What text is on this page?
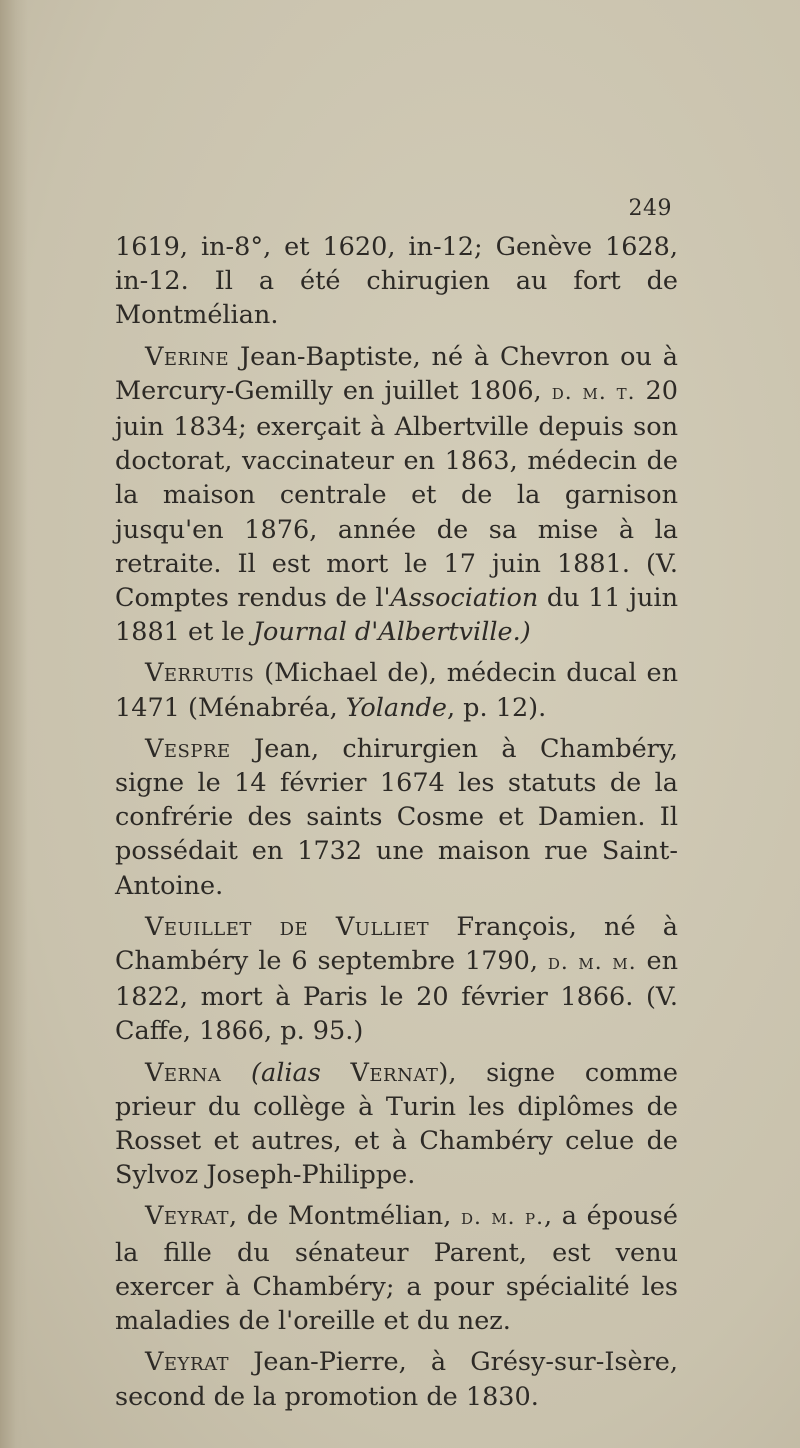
249

1619, in-8°, et 1620, in-12; Genève 1628, in-12. Il a été chirugien au fort de Montmélian.

Verine Jean-Baptiste, né à Chevron ou à Mercury-Gemilly en juillet 1806, d. m. t. 20 juin 1834; exerçait à Albertville depuis son doctorat, vaccinateur en 1863, médecin de la maison centrale et de la garnison jusqu'en 1876, année de sa mise à la retraite. Il est mort le 17 juin 1881. (V. Comptes rendus de l'Association du 11 juin 1881 et le Journal d'Albertville.)

Verrutis (Michael de), médecin ducal en 1471 (Ménabréa, Yolande, p. 12).

Vespre Jean, chirurgien à Chambéry, signe le 14 février 1674 les statuts de la confrérie des saints Cosme et Damien. Il possédait en 1732 une maison rue Saint-Antoine.

Veuillet de Vulliet François, né à Chambéry le 6 septembre 1790, d. m. m. en 1822, mort à Paris le 20 février 1866. (V. Caffe, 1866, p. 95.)

Verna (alias Vernat), signe comme prieur du collège à Turin les diplômes de Rosset et autres, et à Chambéry celue de Sylvoz Joseph-Philippe.

Veyrat, de Montmélian, d. m. p., a épousé la fille du sénateur Parent, est venu exercer à Chambéry; a pour spécialité les maladies de l'oreille et du nez.

Veyrat Jean-Pierre, à Grésy-sur-Isère, second de la promotion de 1830.
